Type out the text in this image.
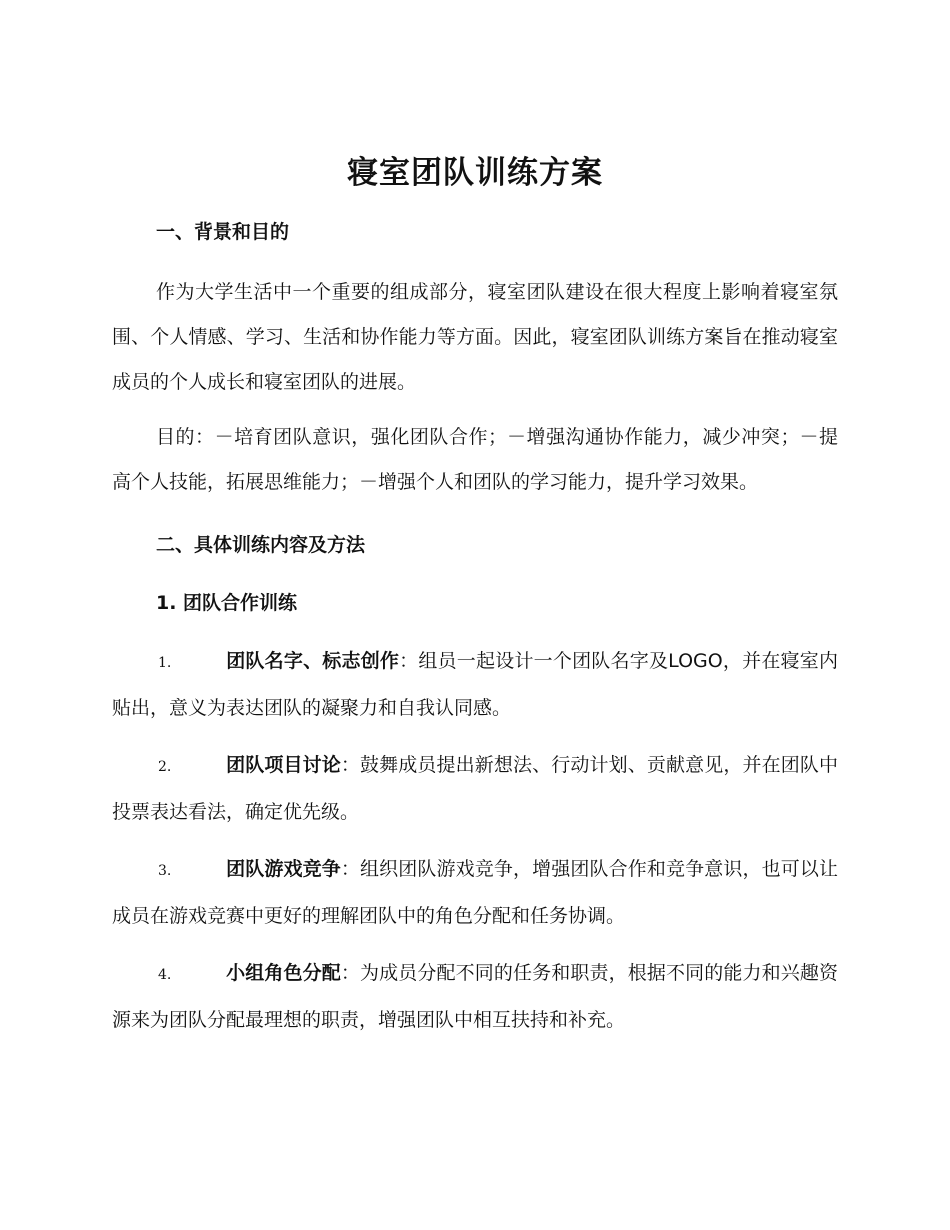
寝室团队训练方案
一、背景和目的

作为大学生活中一个重要的组成部分，寝室团队建设在很大程度上影响着寝室氛围、个人情感、学习、生活和协作能力等方面。因此，寝室团队训练方案旨在推动寝室成员的个人成长和寝室团队的进展。

目的：－培育团队意识，强化团队合作；－增强沟通协作能力，减少冲突；－提高个人技能，拓展思维能力；－增强个人和团队的学习能力，提升学习效果。

二、具体训练内容及方法
1. 团队合作训练

1.	团队名字、标志创作：组员一起设计一个团队名字及LOGO，并在寝室内贴出，意义为表达团队的凝聚力和自我认同感。

2.	团队项目讨论：鼓舞成员提出新想法、行动计划、贡献意见，并在团队中投票表达看法，确定优先级。

3.	团队游戏竞争：组织团队游戏竞争，增强团队合作和竞争意识，也可以让成员在游戏竞赛中更好的理解团队中的角色分配和任务协调。

4.	小组角色分配：为成员分配不同的任务和职责，根据不同的能力和兴趣资源来为团队分配最理想的职责，增强团队中相互扶持和补充。
